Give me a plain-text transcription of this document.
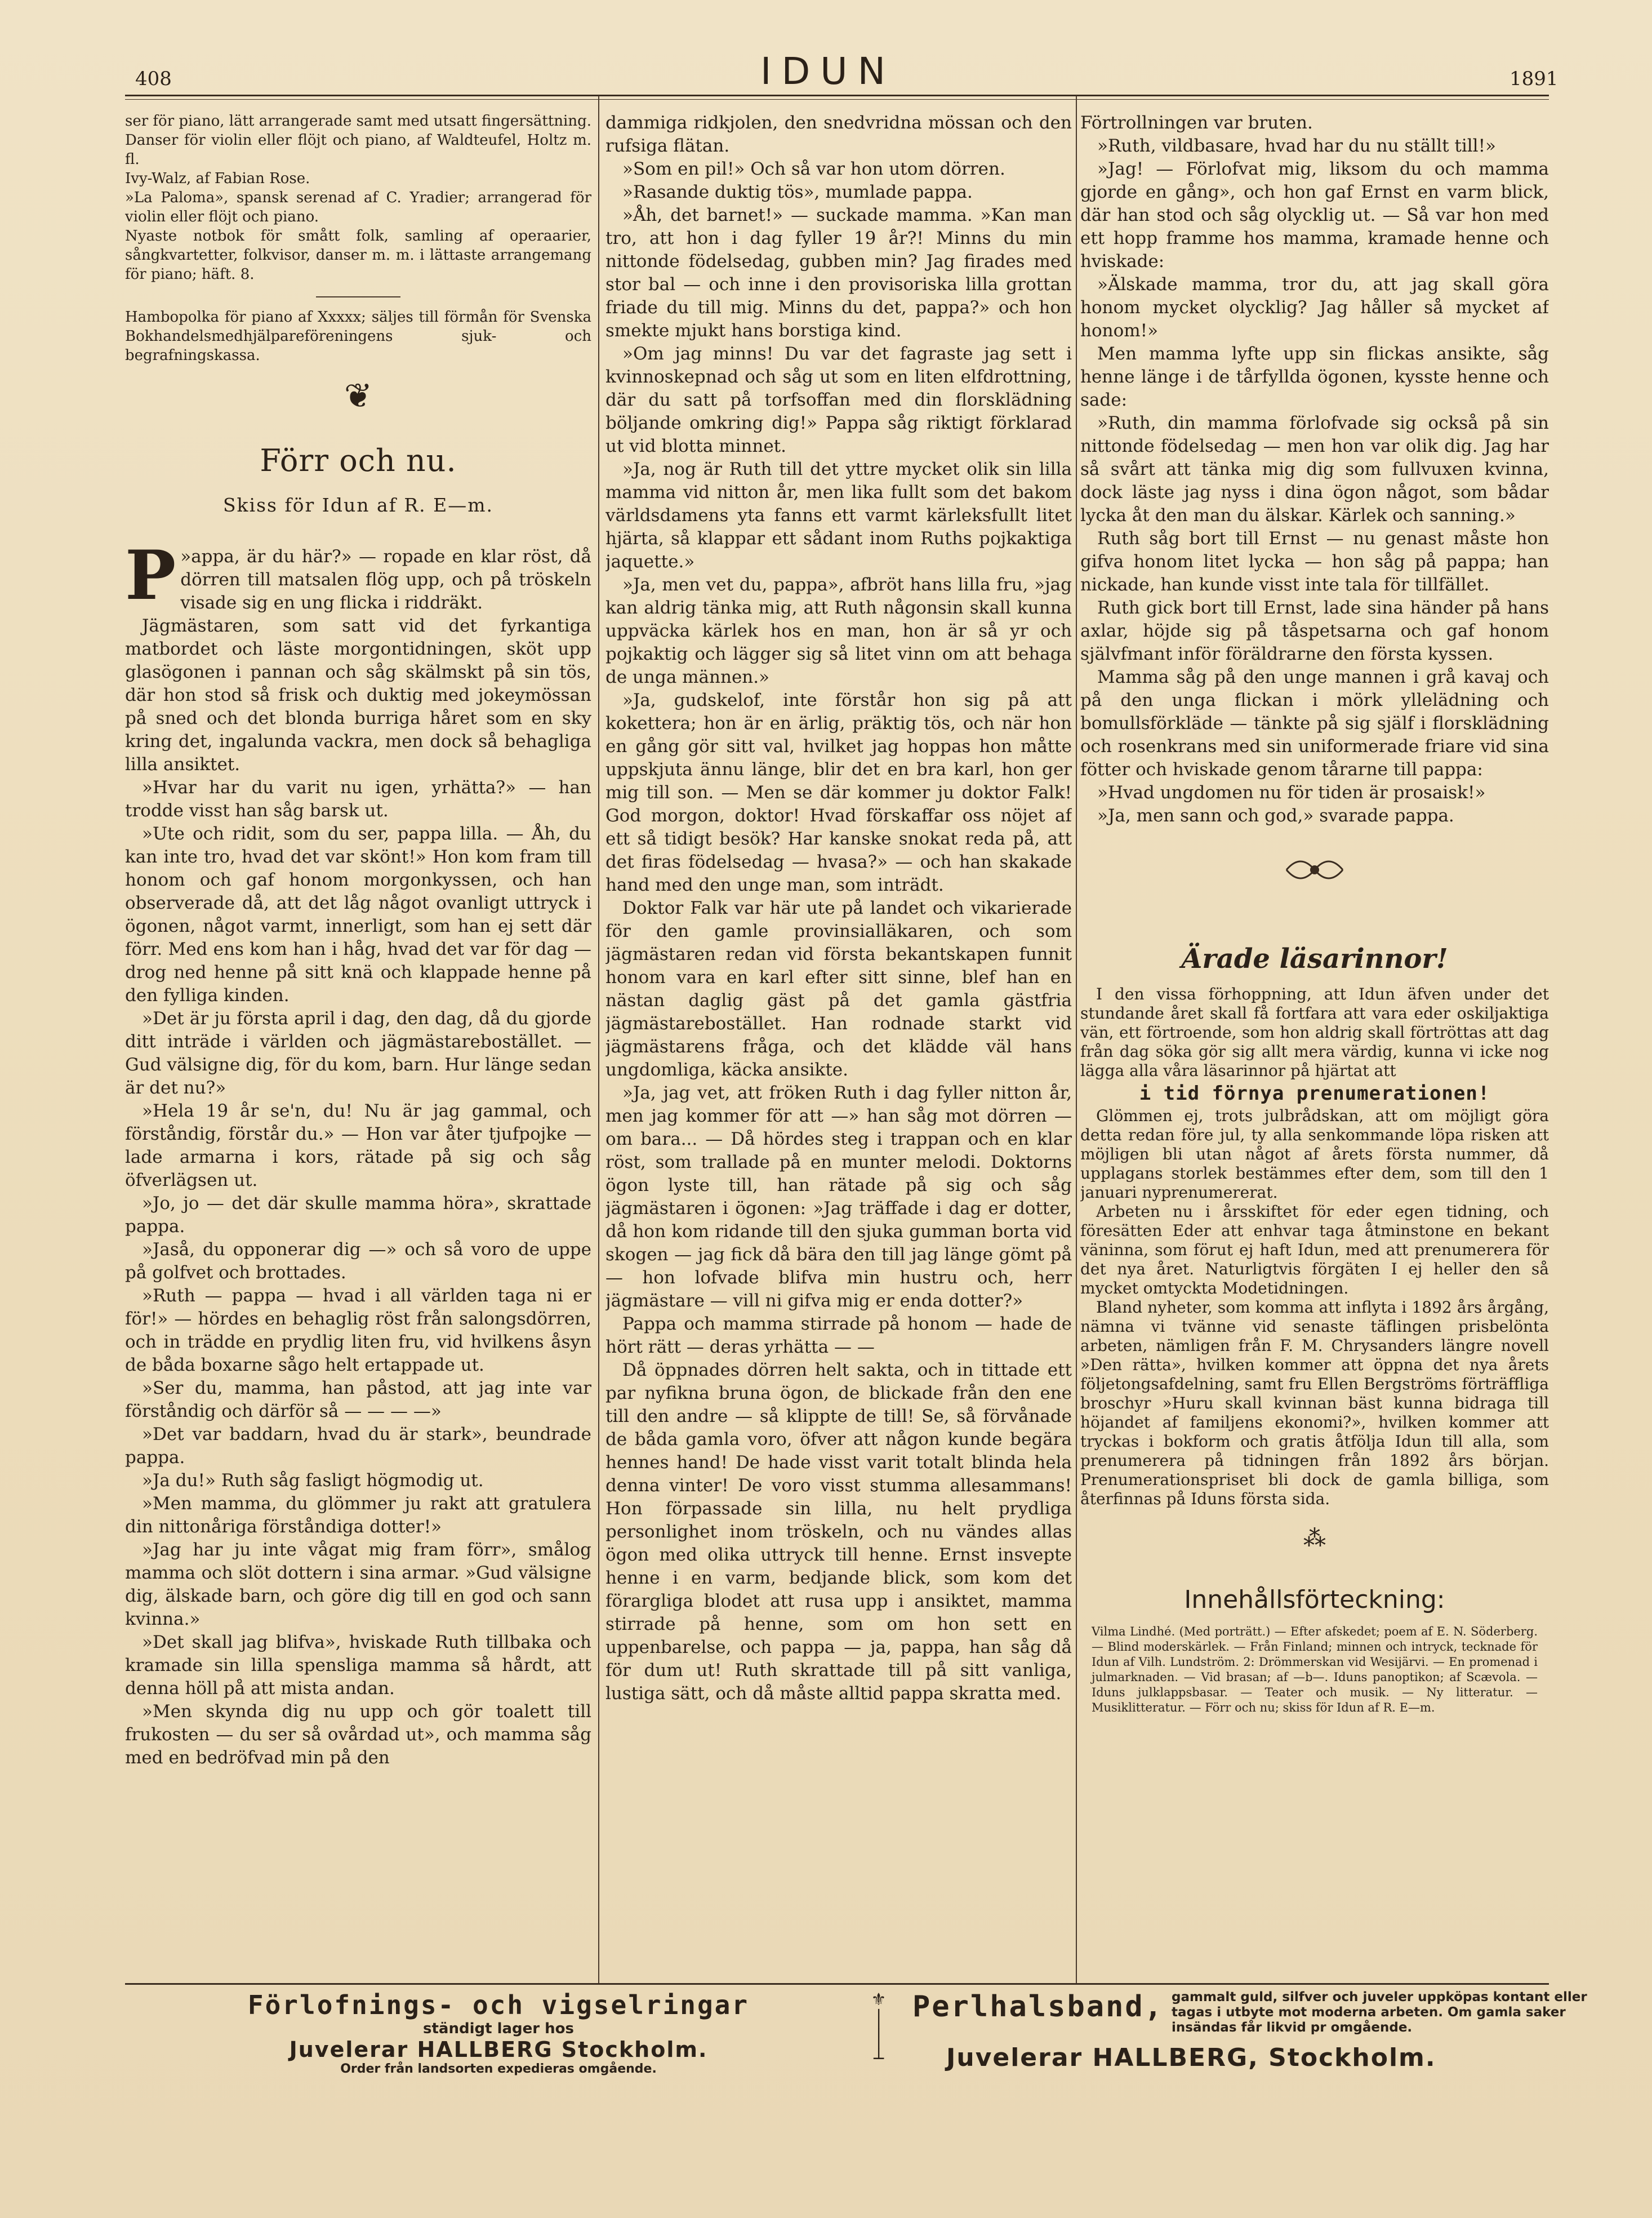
408	IDUN	1891

ser för piano, lätt arrangerade samt med utsatt fingersättning.

Danser för violin eller flöjt och piano, af Waldteufel, Holtz m. fl.

Ivy-Walz, af Fabian Rose.

»La Paloma», spansk serenad af C. Yradier; arrangerad för violin eller flöjt och piano.

Nyaste notbok för smått folk, samling af operaarier, sångkvartetter, folkvisor, danser m. m. i lättaste arrangemang för piano; häft. 8.

Hambopolka för piano af Xxxxx; säljes till förmån för Svenska Bokhandelsmedhjälpareföreningens sjuk- och begrafningskassa.

❦
Förr och nu.
Skiss för Idun af R. E—m.

P »appa, är du här?» — ropade en klar röst, då dörren till matsalen flög upp, och på tröskeln visade sig en ung flicka i riddräkt.

Jägmästaren, som satt vid det fyrkantiga matbordet och läste morgontidningen, sköt upp glasögonen i pannan och såg skälmskt på sin tös, där hon stod så frisk och duktig med jokeymössan på sned och det blonda burriga håret som en sky kring det, ingalunda vackra, men dock så behagliga lilla ansiktet.

»Hvar har du varit nu igen, yrhätta?» — han trodde visst han såg barsk ut.

»Ute och ridit, som du ser, pappa lilla. — Åh, du kan inte tro, hvad det var skönt!» Hon kom fram till honom och gaf honom morgonkyssen, och han observerade då, att det låg något ovanligt uttryck i ögonen, något varmt, innerligt, som han ej sett där förr. Med ens kom han i håg, hvad det var för dag — drog ned henne på sitt knä och klappade henne på den fylliga kinden.

»Det är ju första april i dag, den dag, då du gjorde ditt inträde i världen och jägmästarebostället. — Gud välsigne dig, för du kom, barn. Hur länge sedan är det nu?»

»Hela 19 år se'n, du! Nu är jag gammal, och förståndig, förstår du.» — Hon var åter tjufpojke — lade armarna i kors, rätade på sig och såg öfverlägsen ut.

»Jo, jo — det där skulle mamma höra», skrattade pappa.

»Jaså, du opponerar dig —» och så voro de uppe på golfvet och brottades.

»Ruth — pappa — hvad i all världen taga ni er för!» — hördes en behaglig röst från salongsdörren, och in trädde en prydlig liten fru, vid hvilkens åsyn de båda boxarne sågo helt ertappade ut.

»Ser du, mamma, han påstod, att jag inte var förståndig och därför så — — — —»

»Det var baddarn, hvad du är stark», beundrade pappa.

»Ja du!» Ruth såg fasligt högmodig ut.

»Men mamma, du glömmer ju rakt att gratulera din nittonåriga förståndiga dotter!»

»Jag har ju inte vågat mig fram förr», smålog mamma och slöt dottern i sina armar. »Gud välsigne dig, älskade barn, och göre dig till en god och sann kvinna.»

»Det skall jag blifva», hviskade Ruth tillbaka och kramade sin lilla spensliga mamma så hårdt, att denna höll på att mista andan.

»Men skynda dig nu upp och gör toalett till frukosten — du ser så ovårdad ut», och mamma såg med en bedröfvad min på den

dammiga ridkjolen, den snedvridna mössan och den rufsiga flätan.

»Som en pil!» Och så var hon utom dörren.

»Rasande duktig tös», mumlade pappa.

»Åh, det barnet!» — suckade mamma. »Kan man tro, att hon i dag fyller 19 år?! Minns du min nittonde födelsedag, gubben min? Jag firades med stor bal — och inne i den provisoriska lilla grottan friade du till mig. Minns du det, pappa?» och hon smekte mjukt hans borstiga kind.

»Om jag minns! Du var det fagraste jag sett i kvinnoskepnad och såg ut som en liten elfdrottning, där du satt på torfsoffan med din florsklädning böljande omkring dig!» Pappa såg riktigt förklarad ut vid blotta minnet.

»Ja, nog är Ruth till det yttre mycket olik sin lilla mamma vid nitton år, men lika fullt som det bakom världsdamens yta fanns ett varmt kärleksfullt litet hjärta, så klappar ett sådant inom Ruths pojkaktiga jaquette.»

»Ja, men vet du, pappa», afbröt hans lilla fru, »jag kan aldrig tänka mig, att Ruth någonsin skall kunna uppväcka kärlek hos en man, hon är så yr och pojkaktig och lägger sig så litet vinn om att behaga de unga männen.»

»Ja, gudskelof, inte förstår hon sig på att kokettera; hon är en ärlig, präktig tös, och när hon en gång gör sitt val, hvilket jag hoppas hon måtte uppskjuta ännu länge, blir det en bra karl, hon ger mig till son. — Men se där kommer ju doktor Falk! God morgon, doktor! Hvad förskaffar oss nöjet af ett så tidigt besök? Har kanske snokat reda på, att det firas födelsedag — hvasa?» — och han skakade hand med den unge man, som inträdt.

Doktor Falk var här ute på landet och vikarierade för den gamle provinsialläkaren, och som jägmästaren redan vid första bekantskapen funnit honom vara en karl efter sitt sinne, blef han en nästan daglig gäst på det gamla gästfria jägmästarebostället. Han rodnade starkt vid jägmästarens fråga, och det klädde väl hans ungdomliga, käcka ansikte.

»Ja, jag vet, att fröken Ruth i dag fyller nitton år, men jag kommer för att —» han såg mot dörren — om bara... — Då hördes steg i trappan och en klar röst, som trallade på en munter melodi. Doktorns ögon lyste till, han rätade på sig och såg jägmästaren i ögonen: »Jag träffade i dag er dotter, då hon kom ridande till den sjuka gumman borta vid skogen — jag fick då bära den till jag länge gömt på — hon lofvade blifva min hustru och, herr jägmästare — vill ni gifva mig er enda dotter?»

Pappa och mamma stirrade på honom — hade de hört rätt — deras yrhätta — —

Då öppnades dörren helt sakta, och in tittade ett par nyfikna bruna ögon, de blickade från den ene till den andre — så klippte de till! Se, så förvånade de båda gamla voro, öfver att någon kunde begära hennes hand! De hade visst varit totalt blinda hela denna vinter! De voro visst stumma allesammans! Hon förpassade sin lilla, nu helt prydliga personlighet inom tröskeln, och nu vändes allas ögon med olika uttryck till henne. Ernst insvepte henne i en varm, bedjande blick, som kom det förargliga blodet att rusa upp i ansiktet, mamma stirrade på henne, som om hon sett en uppenbarelse, och pappa — ja, pappa, han såg då för dum ut! Ruth skrattade till på sitt vanliga, lustiga sätt, och då måste alltid pappa skratta med.

Förtrollningen var bruten.

»Ruth, vildbasare, hvad har du nu ställt till!»

»Jag! — Förlofvat mig, liksom du och mamma gjorde en gång», och hon gaf Ernst en varm blick, där han stod och såg olycklig ut. — Så var hon med ett hopp framme hos mamma, kramade henne och hviskade:

»Älskade mamma, tror du, att jag skall göra honom mycket olycklig? Jag håller så mycket af honom!»

Men mamma lyfte upp sin flickas ansikte, såg henne länge i de tårfyllda ögonen, kysste henne och sade:

»Ruth, din mamma förlofvade sig också på sin nittonde födelsedag — men hon var olik dig. Jag har så svårt att tänka mig dig som fullvuxen kvinna, dock läste jag nyss i dina ögon något, som bådar lycka åt den man du älskar. Kärlek och sanning.»

Ruth såg bort till Ernst — nu genast måste hon gifva honom litet lycka — hon såg på pappa; han nickade, han kunde visst inte tala för tillfället.

Ruth gick bort till Ernst, lade sina händer på hans axlar, höjde sig på tåspetsarna och gaf honom självfmant inför föräldrarne den första kyssen.

Mamma såg på den unge mannen i grå kavaj och på den unga flickan i mörk yllelädning och bomullsförkläde — tänkte på sig själf i florsklädning och rosenkrans med sin uniformerade friare vid sina fötter och hviskade genom tårarne till pappa:

»Hvad ungdomen nu för tiden är prosaisk!»

»Ja, men sann och god,» svarade pappa.

Ärade läsarinnor!

I den vissa förhoppning, att Idun äfven under det stundande året skall få fortfara att vara eder oskiljaktiga vän, ett förtroende, som hon aldrig skall förtröttas att dag från dag söka gör sig allt mera värdig, kunna vi icke nog lägga alla våra läsarinnor på hjärtat att

i tid förnya prenumerationen!

Glömmen ej, trots julbrådskan, att om möjligt göra detta redan före jul, ty alla senkommande löpa risken att möjligen bli utan något af årets första nummer, då upplagans storlek bestämmes efter dem, som till den 1 januari nyprenumererat.

Arbeten nu i årsskiftet för eder egen tidning, och föresätten Eder att enhvar taga åtminstone en bekant väninna, som förut ej haft Idun, med att prenumerera för det nya året. Naturligtvis förgäten I ej heller den så mycket omtyckta Modetidningen.

Bland nyheter, som komma att inflyta i 1892 års årgång, nämna vi tvänne vid senaste täflingen prisbelönta arbeten, nämligen från F. M. Chrysanders längre novell »Den rätta», hvilken kommer att öppna det nya årets följetongsafdelning, samt fru Ellen Bergströms förträffliga broschyr »Huru skall kvinnan bäst kunna bidraga till höjandet af familjens ekonomi?», hvilken kommer att tryckas i bokform och gratis åtfölja Idun till alla, som prenumerera på tidningen från 1892 års början. Prenumerationspriset bli dock de gamla billiga, som återfinnas på Iduns första sida.

⁂
Innehållsförteckning:
Vilma Lindhé. (Med porträtt.) — Efter afskedet; poem af E. N. Söderberg. — Blind moderskärlek. — Från Finland; minnen och intryck, tecknade för Idun af Vilh. Lundström. 2: Drömmerskan vid Wesijärvi. — En promenad i julmarknaden. — Vid brasan; af —b—. Iduns panoptikon; af Scævola. — Iduns julklappsbasar. — Teater och musik. — Ny litteratur. — Musiklitteratur. — Förr och nu; skiss för Idun af R. E—m.
Förlofnings- och vigselringar
ständigt lager hos
Juvelerar HALLBERG Stockholm.
Order från landsorten expedieras omgående.
⚜
│
│
┴
Perlhalsband, gammalt guld, silfver och juveler uppköpas kontant eller tagas i utbyte mot moderna arbeten. Om gamla saker insändas får likvid pr omgående.
Juvelerar HALLBERG, Stockholm.
